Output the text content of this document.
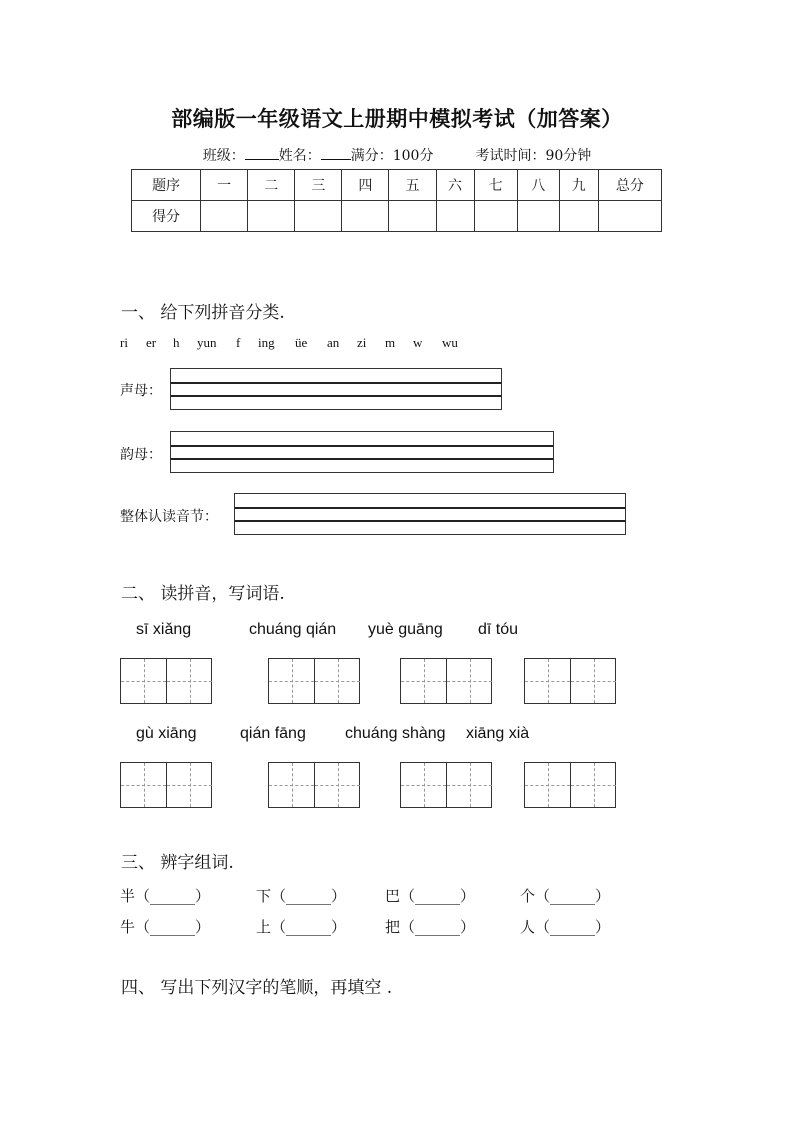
部编版一年级语文上册期中模拟考试（加答案）
班级： 姓名： 满分：100分	考试时间：90分钟
题序	一	二	三	四	五	六	七	八	九	总分
得分										
一、 给下列拼音分类.
ri er h yun f ing üe an zi m w wu
声母：
韵母：
整体认读音节：
二、 读拼音，写词语.
sī xiǎng	chuáng qián yuè guāng dī tóu
gù xiāng	qián fāng chuáng shàng xiāng xià
三、 辨字组词.
半（______）	下（______）	巴（______）	个（______）
牛（______）	上（______）	把（______）	人（______）
四、 写出下列汉字的笔顺，再填空 .
